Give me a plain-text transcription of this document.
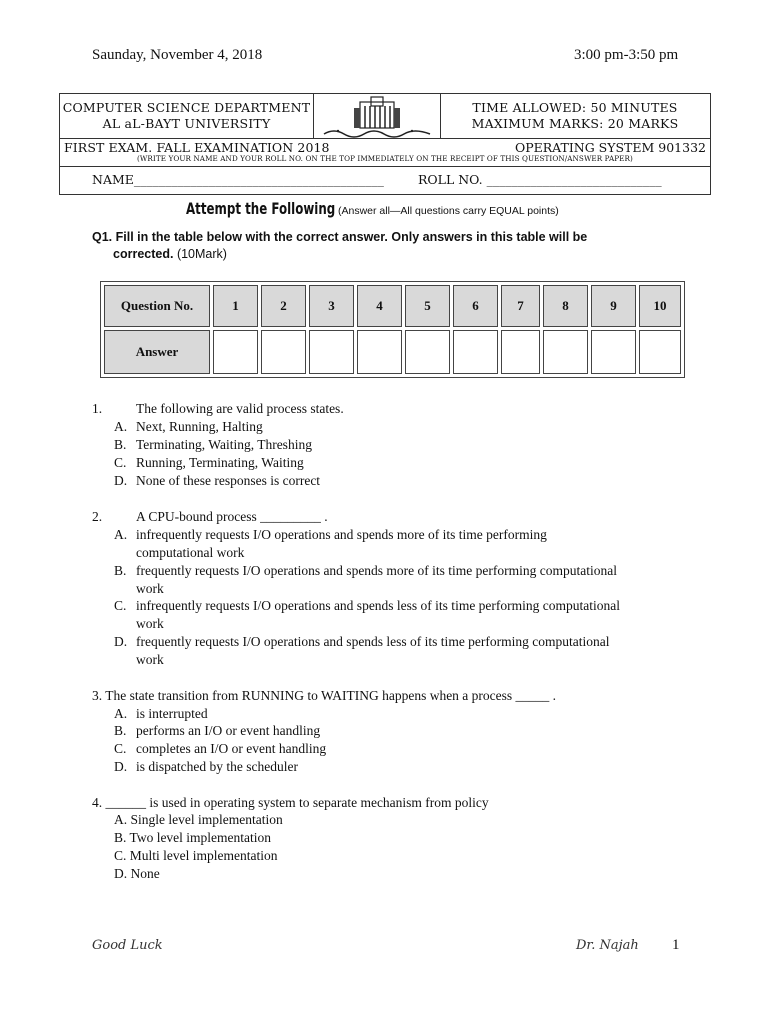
Saunday, November 4, 2018	3:00 pm-3:50 pm
COMPUTER SCIENCE DEPARTMENT
AL aL-BAYT UNIVERSITY
TIME ALLOWED: 50 MINUTES
MAXIMUM MARKS: 20 MARKS
FIRST EXAM. FALL EXAMINATION 2018	OPERATING SYSTEM 901332
(WRITE YOUR NAME AND YOUR ROLL NO. ON THE TOP IMMEDIATELY ON THE RECEIPT OF THIS QUESTION/ANSWER PAPER)
NAME________________________________________	ROLL NO. ____________________________
Attempt the Following (Answer all—All questions carry EQUAL points)
Q1. Fill in the table below with the correct answer. Only answers in this table will be
corrected. (10Mark)
Question No.	1	2	3	4	5	6	7	8	9	10
Answer										
1.	The following are valid process states.
A. Next, Running, Halting
B. Terminating, Waiting, Threshing
C. Running, Terminating, Waiting
D. None of these responses is correct
2.	A CPU-bound process _________ .
A. infrequently requests I/O operations and spends more of its time performing
computational work
B. frequently requests I/O operations and spends more of its time performing computational
work
C. infrequently requests I/O operations and spends less of its time performing computational
work
D. frequently requests I/O operations and spends less of its time performing computational
work
3. The state transition from RUNNING to WAITING happens when a process _____ .
A. is interrupted
B. performs an I/O or event handling
C. completes an I/O or event handling
D. is dispatched by the scheduler
4. ______ is used in operating system to separate mechanism from policy
A. Single level implementation
B. Two level implementation
C. Multi level implementation
D. None
Good Luck	Dr. Najah 1
